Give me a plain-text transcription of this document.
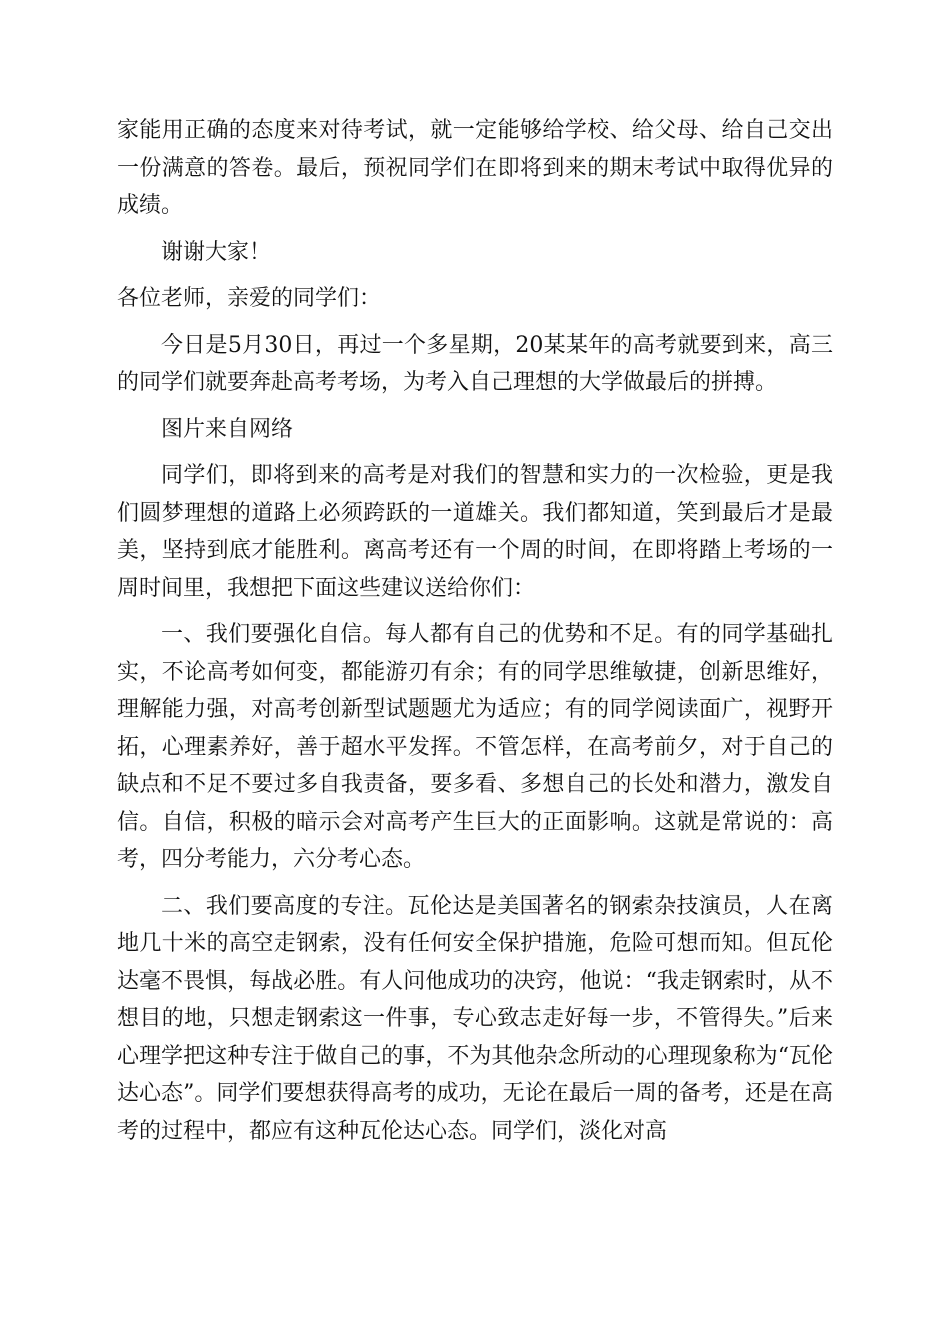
家能用正确的态度来对待考试，就一定能够给学校、给父母、给自己交出一份满意的答卷。最后，预祝同学们在即将到来的期末考试中取得优异的成绩。

谢谢大家！

各位老师，亲爱的同学们：

今日是5月30日，再过一个多星期，20某某年的高考就要到来，高三的同学们就要奔赴高考考场，为考入自己理想的大学做最后的拼搏。

图片来自网络

同学们，即将到来的高考是对我们的智慧和实力的一次检验，更是我们圆梦理想的道路上必须跨跃的一道雄关。我们都知道，笑到最后才是最美，坚持到底才能胜利。离高考还有一个周的时间，在即将踏上考场的一周时间里，我想把下面这些建议送给你们：

一、我们要强化自信。每人都有自己的优势和不足。有的同学基础扎实，不论高考如何变，都能游刃有余；有的同学思维敏捷，创新思维好，理解能力强，对高考创新型试题题尤为适应；有的同学阅读面广，视野开拓，心理素养好，善于超水平发挥。不管怎样，在高考前夕，对于自己的缺点和不足不要过多自我责备，要多看、多想自己的长处和潜力，激发自信。自信，积极的暗示会对高考产生巨大的正面影响。这就是常说的：高考，四分考能力，六分考心态。

二、我们要高度的专注。瓦伦达是美国著名的钢索杂技演员，人在离地几十米的高空走钢索，没有任何安全保护措施，危险可想而知。但瓦伦达毫不畏惧，每战必胜。有人问他成功的决窍，他说：“我走钢索时，从不想目的地，只想走钢索这一件事，专心致志走好每一步，不管得失。”后来心理学把这种专注于做自己的事，不为其他杂念所动的心理现象称为“瓦伦达心态”。同学们要想获得高考的成功，无论在最后一周的备考，还是在高考的过程中，都应有这种瓦伦达心态。同学们，淡化对高
